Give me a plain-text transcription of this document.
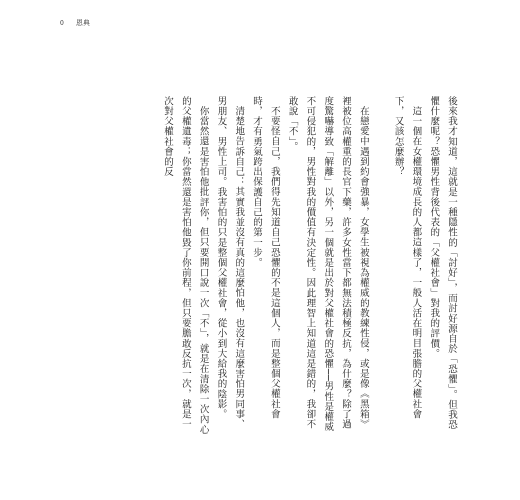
0 恩典

後來我才知道，這就是一種隱性的「討好」，而討好源自於「恐懼」。但我恐懼什麼呢？恐懼男性背後代表的「父權社會」對我的評價。

這一個在女權環境成長的人都這樣了，一般人活在明目張膽的父權社會下，又該怎麼辦？

在戀愛中遇到約會強暴，女學生被視為權威的教練性侵，或是像《黑箱》裡被位高權重的長官下藥，許多女性當下都無法積極反抗，為什麼？除了過度驚嚇導致「解離」以外，另一個就是出於對父權社會的恐懼──男性是權威不可侵犯的，男性對我的價值有決定性。因此理智上知道這是錯的，我卻不敢說「不」。

不要怪自己，我們得先知道自己恐懼的不是這個人，而是整個父權社會時，才有勇氣跨出保護自己的第一步。

清楚地告訴自己：其實我並沒有真的這麼怕他，也沒有這麼害怕男同事、男朋友、男性上司。我害怕的只是整個父權社會，從小到大給我的陰影。

你當然還是害怕他批評你，但只要開口說一次「不」，就是在清除一次內心的父權遺毒；你當然還是害怕他毀了你前程，但只要膽敢反抗一次，就是一次對父權社會的反
